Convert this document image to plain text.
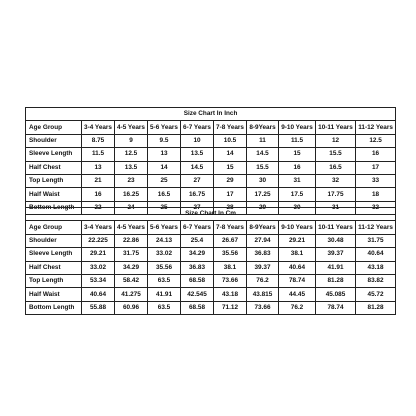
Size Chart In Inch									
Age Group	3-4 Years	4-5 Years	5-6 Years	6-7 Years	7-8 Years	8-9Years	9-10 Years	10-11 Years	11-12 Years
Shoulder	8.75	9	9.5	10	10.5	11	11.5	12	12.5
Sleeve Length	11.5	12.5	13	13.5	14	14.5	15	15.5	16
Half Chest	13	13.5	14	14.5	15	15.5	16	16.5	17
Top Length	21	23	25	27	29	30	31	32	33
Half Waist	16	16.25	16.5	16.75	17	17.25	17.5	17.75	18
Bottom Length	22	24	25	27	28	29	30	31	32
Size Chart In Cm									
Age Group	3-4 Years	4-5 Years	5-6 Years	6-7 Years	7-8 Years	8-9Years	9-10 Years	10-11 Years	11-12 Years
Shoulder	22.225	22.86	24.13	25.4	26.67	27.94	29.21	30.48	31.75
Sleeve Length	29.21	31.75	33.02	34.29	35.56	36.83	38.1	39.37	40.64
Half Chest	33.02	34.29	35.56	36.83	38.1	39.37	40.64	41.91	43.18
Top Length	53.34	58.42	63.5	68.58	73.66	76.2	78.74	81.28	83.82
Half Waist	40.64	41.275	41.91	42.545	43.18	43.815	44.45	45.085	45.72
Bottom Length	55.88	60.96	63.5	68.58	71.12	73.66	76.2	78.74	81.28
